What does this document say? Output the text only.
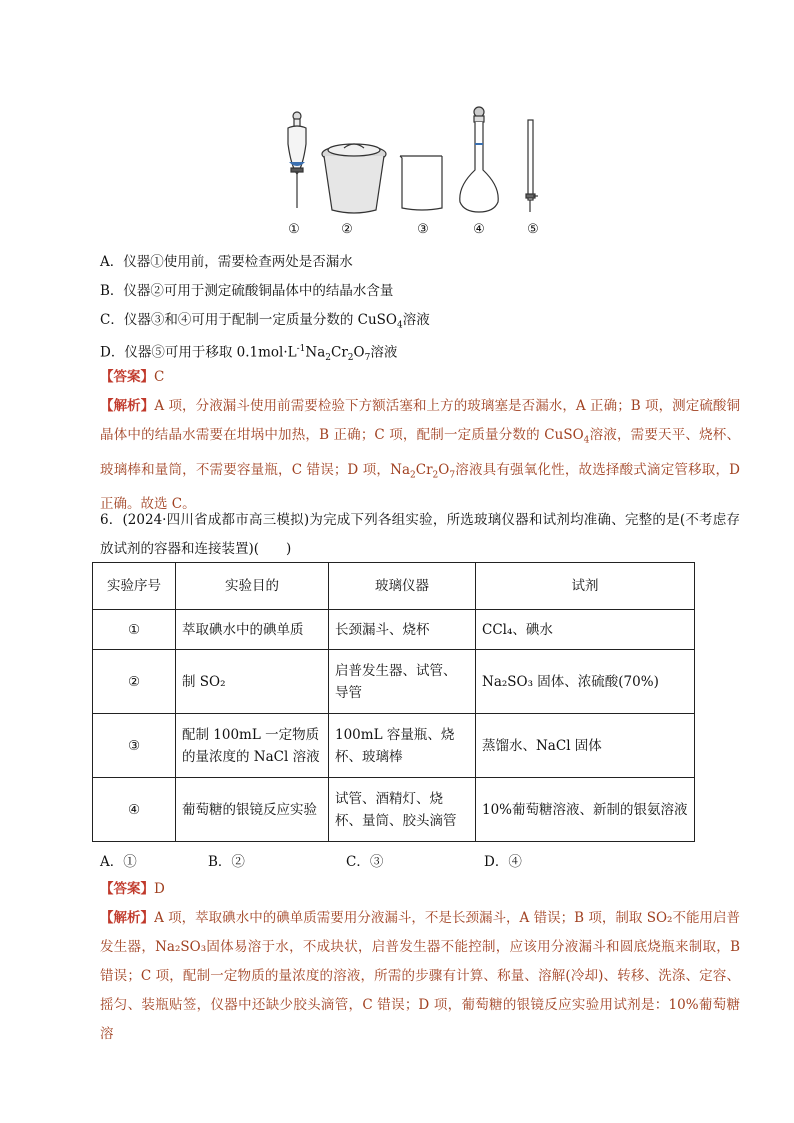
①	②	③	④	⑤
A．仪器①使用前，需要检查两处是否漏水
B．仪器②可用于测定硫酸铜晶体中的结晶水含量
C．仪器③和④可用于配制一定质量分数的 CuSO$_4$溶液
D．仪器⑤可用于移取 $0.1mol\cdot L^{-1}Na_2Cr_2O_7$溶液
【答案】C
【解析】A 项，分液漏斗使用前需要检验下方额活塞和上方的玻璃塞是否漏水，A 正确；B 项，测定硫酸铜晶体中的结晶水需要在坩埚中加热，B 正确；C 项，配制一定质量分数的 CuSO$_4$溶液，需要天平、烧杯、玻璃棒和量筒，不需要容量瓶，C 错误；D 项，$Na_2Cr_2O_7$溶液具有强氧化性，故选择酸式滴定管移取，D 正确。故选 C。
6．(2024·四川省成都市高三模拟)为完成下列各组实验，所选玻璃仪器和试剂均准确、完整的是(不考虑存放试剂的容器和连接装置)(　　)
实验序号	实验目的	玻璃仪器	试剂
①	萃取碘水中的碘单质	长颈漏斗、烧杯	CCl₄、碘水
②	制 SO₂	启普发生器、试管、导管	Na₂SO₃ 固体、浓硫酸(70%)
③	配制 100mL 一定物质的量浓度的 NaCl 溶液	100mL 容量瓶、烧杯、玻璃棒	蒸馏水、NaCl 固体
④	葡萄糖的银镜反应实验	试管、酒精灯、烧杯、量筒、胶头滴管	10%葡萄糖溶液、新制的银氨溶液
A．①	B．②	C．③	D．④
【答案】D
【解析】A 项，萃取碘水中的碘单质需要用分液漏斗，不是长颈漏斗，A 错误；B 项，制取 SO₂不能用启普发生器，Na₂SO₃固体易溶于水，不成块状，启普发生器不能控制，应该用分液漏斗和圆底烧瓶来制取，B 错误；C 项，配制一定物质的量浓度的溶液，所需的步骤有计算、称量、溶解(冷却)、转移、洗涤、定容、摇匀、装瓶贴签，仪器中还缺少胶头滴管，C 错误；D 项，葡萄糖的银镜反应实验用试剂是：10%葡萄糖溶
